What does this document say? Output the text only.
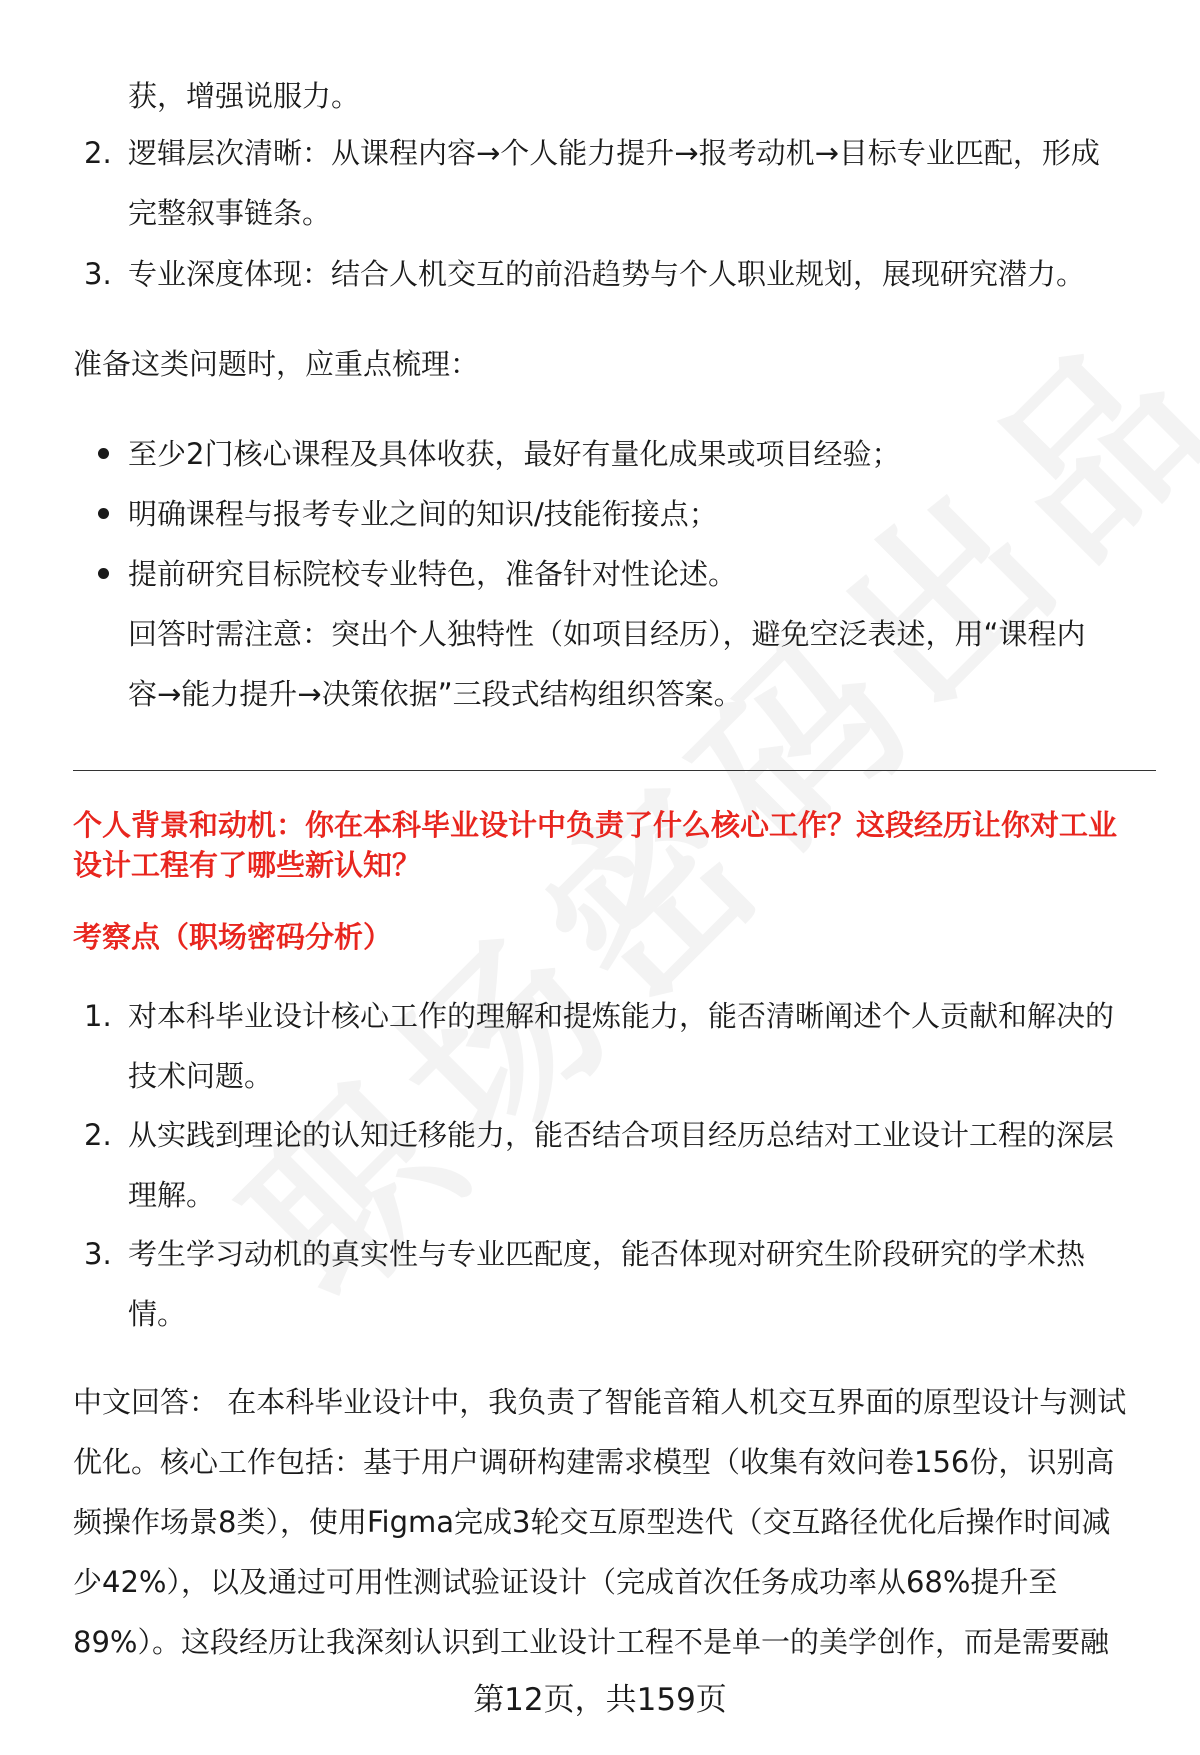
获，增强说服力。
2. 逻辑层次清晰：从课程内容→个人能力提升→报考动机→目标专业匹配，形成
完整叙事链条。
3. 专业深度体现：结合人机交互的前沿趋势与个人职业规划，展现研究潜力。
准备这类问题时，应重点梳理：
至少2门核心课程及具体收获，最好有量化成果或项目经验；
明确课程与报考专业之间的知识/技能衔接点；
提前研究目标院校专业特色，准备针对性论述。
回答时需注意：突出个人独特性（如项目经历），避免空泛表述，用“课程内
容→能力提升→决策依据”三段式结构组织答案。
个人背景和动机：你在本科毕业设计中负责了什么核心工作？这段经历让你对工业
设计工程有了哪些新认知？
考察点（职场密码分析）
1. 对本科毕业设计核心工作的理解和提炼能力，能否清晰阐述个人贡献和解决的
技术问题。
2. 从实践到理论的认知迁移能力，能否结合项目经历总结对工业设计工程的深层
理解。
3. 考生学习动机的真实性与专业匹配度，能否体现对研究生阶段研究的学术热
情。
中文回答： 在本科毕业设计中，我负责了智能音箱人机交互界面的原型设计与测试
优化。核心工作包括：基于用户调研构建需求模型（收集有效问卷156份，识别高
频操作场景8类），使用Figma完成3轮交互原型迭代（交互路径优化后操作时间减
少42%），以及通过可用性测试验证设计（完成首次任务成功率从68%提升至
89%）。这段经历让我深刻认识到工业设计工程不是单一的美学创作，而是需要融
第12页，共159页
